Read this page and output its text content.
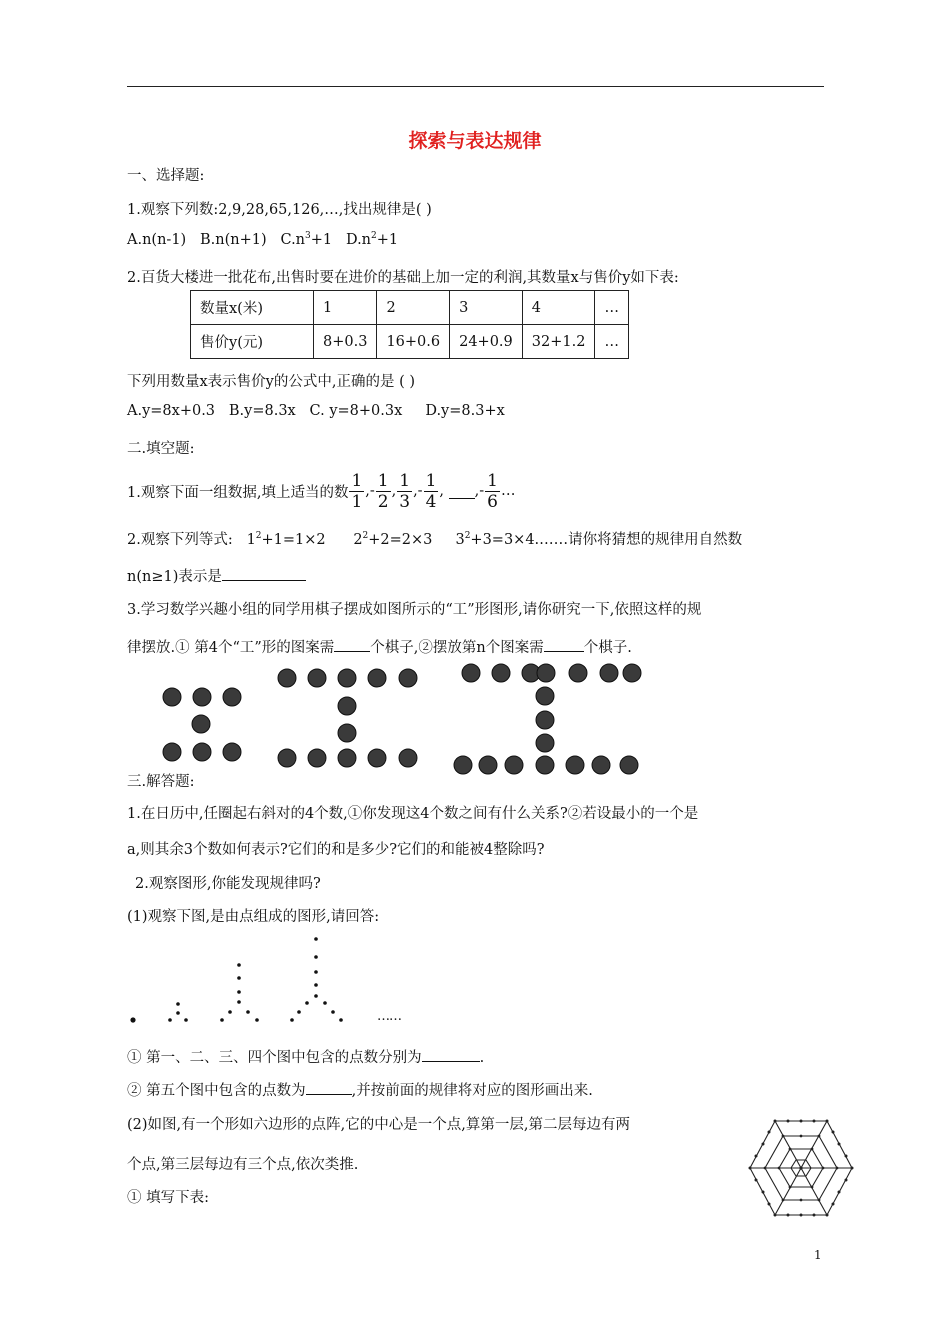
探索与表达规律
一、选择题:
1.观察下列数:2,9,28,65,126,…,找出规律是( )
A.n(n-1) B.n(n+1) $C.n^3+1$ $D.n^2+1$
2.百货大楼进一批花布,出售时要在进价的基础上加一定的利润,其数量x与售价y如下表:
数量x(米)	1	2	3	4	…
售价y(元)	8+0.3	16+0.6	24+0.9	32+1.2	…
下列用数量x表示售价y的公式中,正确的是 ( )
A.y=8x+0.3 B.y=8.3x C. y=8+0.3x D.y=8.3+x
二.填空题:
1.观察下面一组数据,填上适当的数 $\frac{1}{1}$ , - $\frac{1}{2}$ , $\frac{1}{3}$ , - $\frac{1}{4}$ , , - $\frac{1}{6}$ …
2.观察下列等式: $1^2+1=1\times 2$ $2^2+2=2\times 3$ $3^2+3=3\times 4.\dots\dots$请你将猜想的规律用自然数
n(n≥1)表示是
3.学习数学兴趣小组的同学用棋子摆成如图所示的“工”形图形,请你研究一下,依照这样的规
律摆放.① 第4个“工”形的图案需 个棋子,②摆放第n个图案需	个棋子.
三.解答题:
1.在日历中,任圈起右斜对的4个数,①你发现这4个数之间有什么关系?②若设最小的一个是
a,则其余3个数如何表示?它们的和是多少?它们的和能被4整除吗?
2.观察图形,你能发现规律吗?
(1)观察下图,是由点组成的图形,请回答:
……
① 第一、二、三、四个图中包含的点数分别为	.
② 第五个图中包含的点数为	,并按前面的规律将对应的图形画出来.
(2)如图,有一个形如六边形的点阵,它的中心是一个点,算第一层,第二层每边有两
个点,第三层每边有三个点,依次类推.
① 填写下表:
1
